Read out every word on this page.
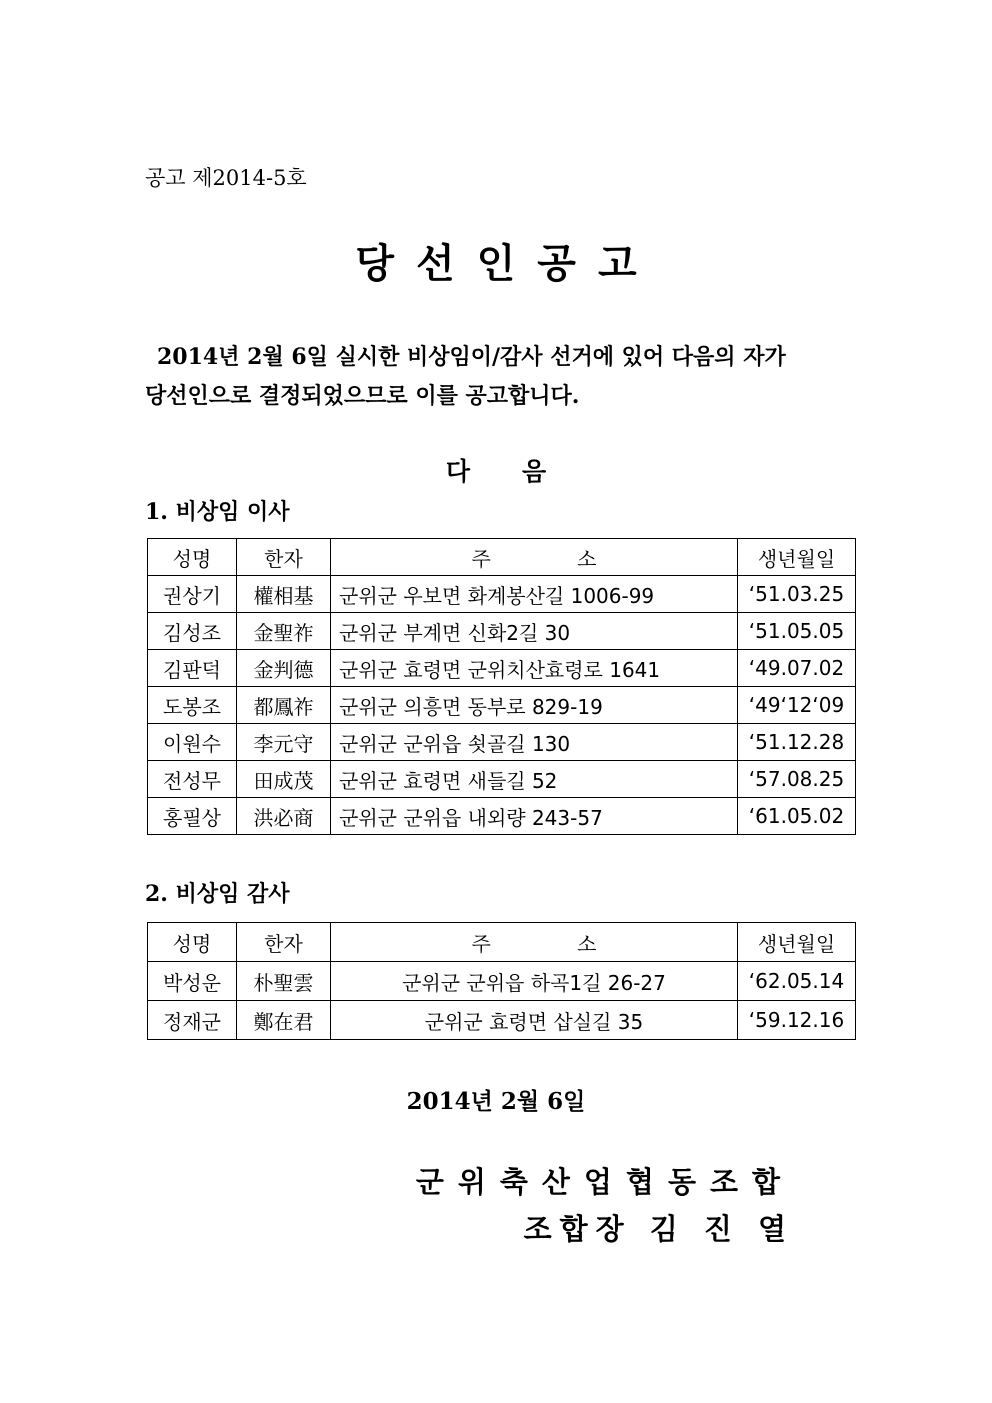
공고 제2014-5호
당선인공고

2014년 2월 6일 실시한 비상임이/감사 선거에 있어 다음의 자가

당선인으로 결정되었으므로 이를 공고합니다.

다 음
1. 비상임 이사
성명	한자	주 소	생년월일
권상기	權相基	군위군 우보면 화계봉산길 1006-99	‘51.03.25
김성조	金聖祚	군위군 부계면 신화2길 30	‘51.05.05
김판덕	金判德	군위군 효령면 군위치산효령로 1641	‘49.07.02
도봉조	都鳳祚	군위군 의흥면 동부로 829-19	‘49‘12‘09
이원수	李元守	군위군 군위읍 쇳골길 130	‘51.12.28
전성무	田成茂	군위군 효령면 새들길 52	‘57.08.25
홍필상	洪必商	군위군 군위읍 내외량 243-57	‘61.05.02
2. 비상임 감사
성명	한자	주 소	생년월일
박성운	朴聖雲	군위군 군위읍 하곡1길 26-27	‘62.05.14
정재군	鄭在君	군위군 효령면 삽실길 35	‘59.12.16
2014년 2월 6일
군위축산업협동조합
조합장 김 진 열
